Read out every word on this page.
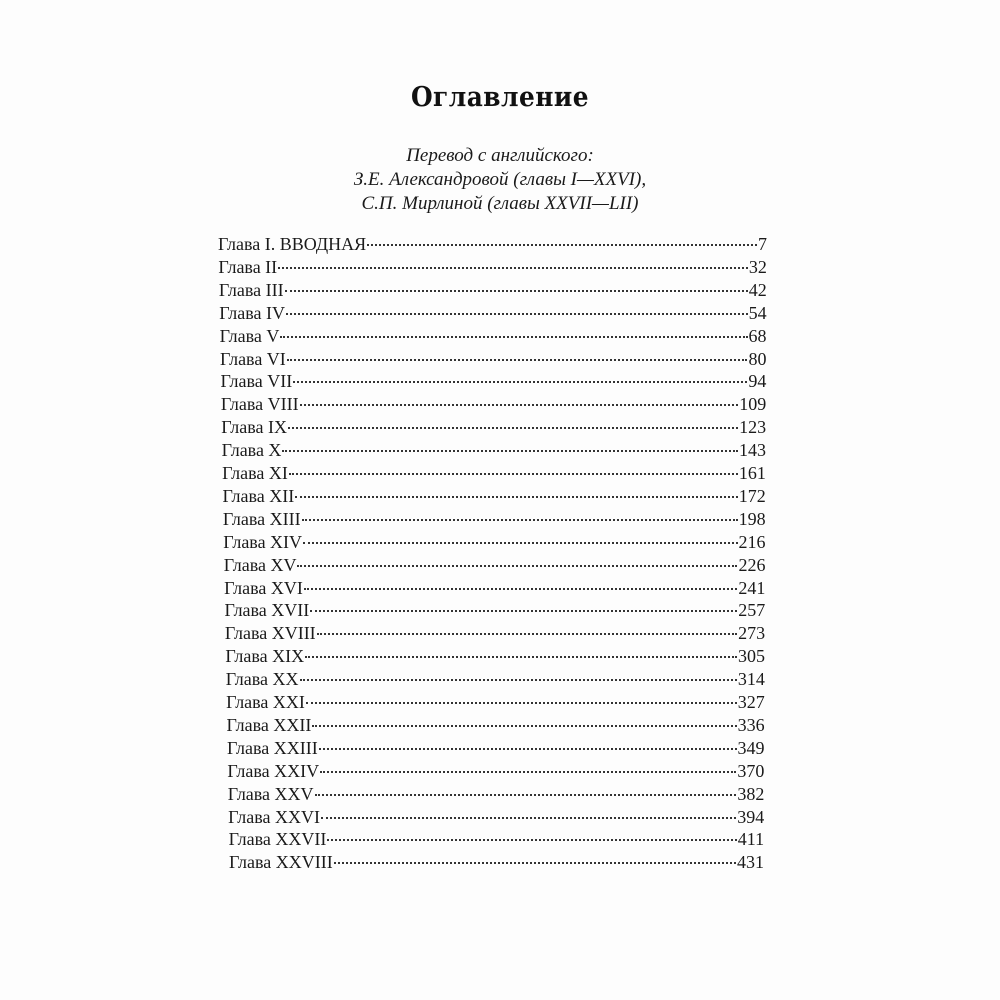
Оглавление
Перевод с английского:
З.Е. Александровой (главы I—XXVI),
С.П. Мирлиной (главы XXVII—LII)
Глава I. ВВОДНАЯ	7
Глава II	32
Глава III	42
Глава IV	54
Глава V	68
Глава VI	80
Глава VII	94
Глава VIII	109
Глава IX	123
Глава X	143
Глава XI	161
Глава XII	172
Глава XIII	198
Глава XIV	216
Глава XV	226
Глава XVI	241
Глава XVII	257
Глава XVIII	273
Глава XIX	305
Глава XX	314
Глава XXI	327
Глава XXII	336
Глава XXIII	349
Глава XXIV	370
Глава XXV	382
Глава XXVI	394
Глава XXVII	411
Глава XXVIII	431
